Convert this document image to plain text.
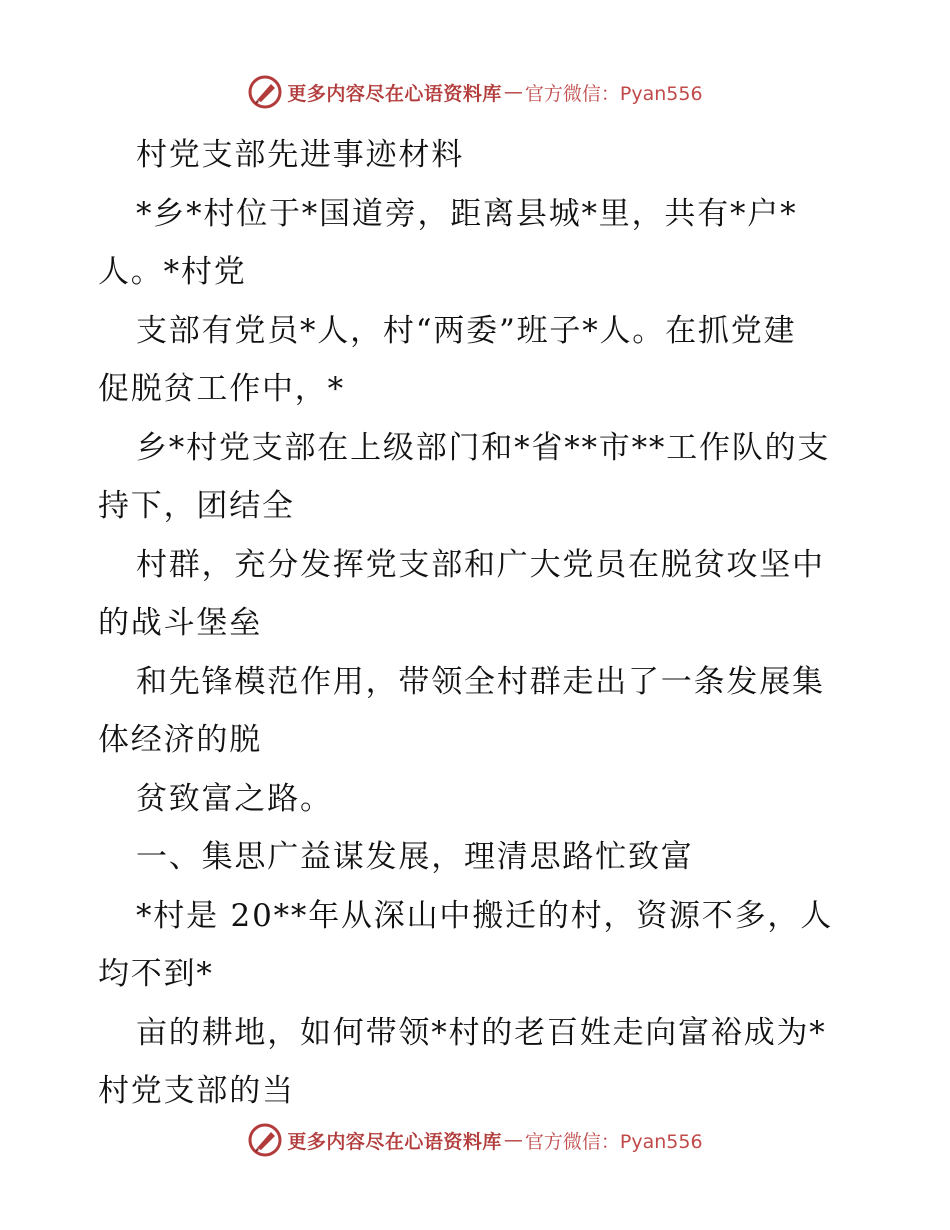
更多内容尽在心语资料库 — 官方微信：Pyan556
村党支部先进事迹材料
*乡*村位于*国道旁，距离县城*里，共有*户*
人。*村党
支部有党员*人，村“两委”班子*人。在抓党建
促脱贫工作中，*
乡*村党支部在上级部门和*省**市**工作队的支
持下，团结全
村群，充分发挥党支部和广大党员在脱贫攻坚中
的战斗堡垒
和先锋模范作用，带领全村群走出了一条发展集
体经济的脱
贫致富之路。
一、集思广益谋发展，理清思路忙致富
*村是 20**年从深山中搬迁的村，资源不多，人
均不到*
亩的耕地，如何带领*村的老百姓走向富裕成为*
村党支部的当
更多内容尽在心语资料库 — 官方微信：Pyan556
